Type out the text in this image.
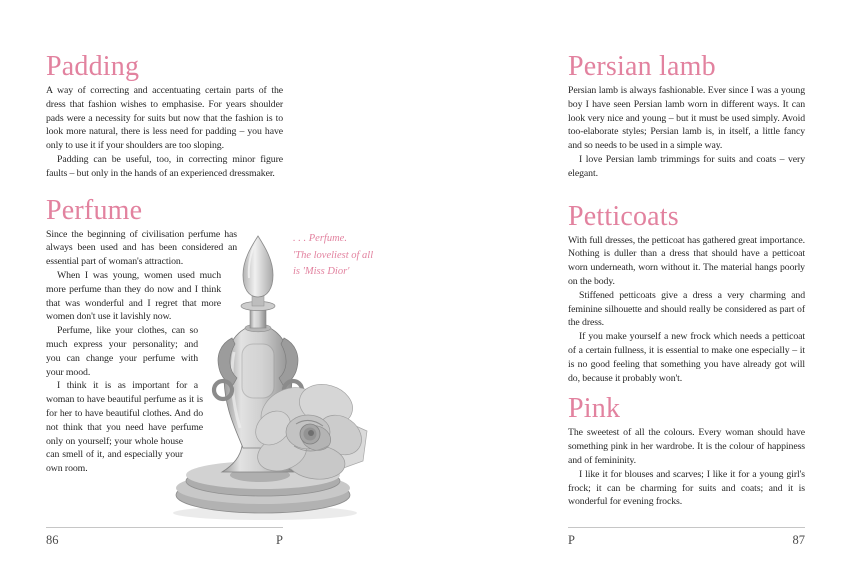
Padding

A way of correcting and accentuating certain parts of the dress that fashion wishes to emphasise. For years shoulder pads were a necessity for suits but now that the fashion is to look more natural, there is less need for padding – you have only to use it if your shoulders are too sloping.

Padding can be useful, too, in correcting minor figure faults – but only in the hands of an experienced dressmaker.

Perfume

Since the beginning of civilisation perfume has always been used and has been considered an essential part of woman's attraction.

When I was young, women used much more perfume than they do now and I think that was wonderful and I regret that more women don't use it lavishly now.

Perfume, like your clothes, can so much express your personality; and you can change your perfume with your mood.

I think it is as important for a woman to have beautiful perfume as it is for her to have beautiful clothes. And do not think that you need have perfume only on yourself; your whole house can smell of it, and especially your own room.

86	P
. . . Perfume.
'The loveliest of all
is 'Miss Dior'
Persian lamb

Persian lamb is always fashionable. Ever since I was a young boy I have seen Persian lamb worn in different ways. It can look very nice and young – but it must be used simply. Avoid too-elaborate styles; Persian lamb is, in itself, a little fancy and so needs to be used in a simple way.

I love Persian lamb trimmings for suits and coats – very elegant.

Petticoats

With full dresses, the petticoat has gathered great importance. Nothing is duller than a dress that should have a petticoat worn underneath, worn without it. The material hangs poorly on the body.

Stiffened petticoats give a dress a very charming and feminine silhouette and should really be considered as part of the dress.

If you make yourself a new frock which needs a petticoat of a certain fullness, it is essential to make one especially – it is no good feeling that something you have already got will do, because it probably won't.

Pink

The sweetest of all the colours. Every woman should have something pink in her wardrobe. It is the colour of happiness and of femininity.

I like it for blouses and scarves; I like it for a young girl's frock; it can be charming for suits and coats; and it is wonderful for evening frocks.

P	87
